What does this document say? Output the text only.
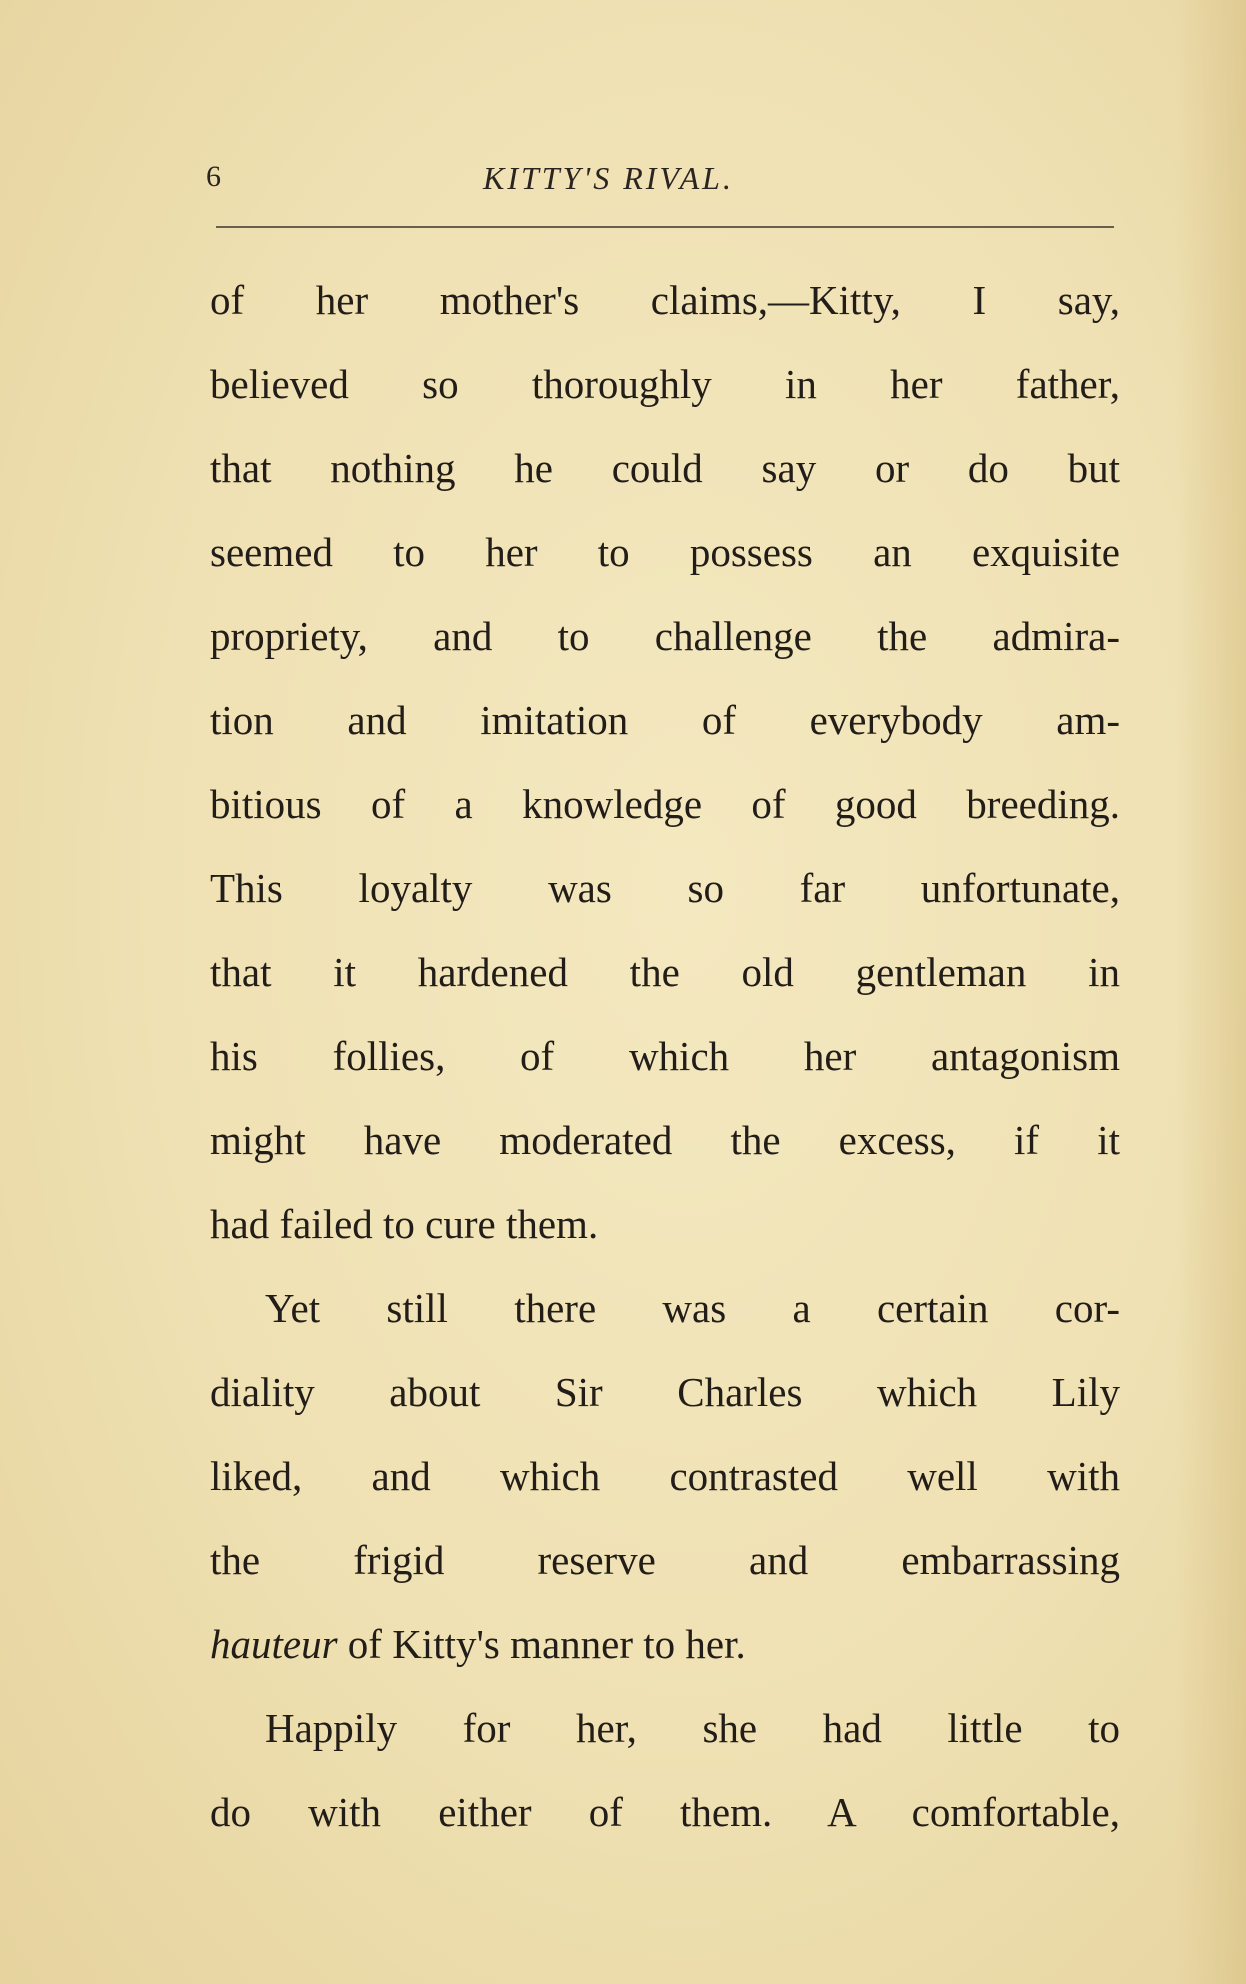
6	KITTY'S RIVAL.
of her mother's claims,—Kitty, I say,
believed so thoroughly in her father,
that nothing he could say or do but
seemed to her to possess an exquisite
propriety, and to challenge the admira-
tion and imitation of everybody am-
bitious of a knowledge of good breeding.
This loyalty was so far unfortunate,
that it hardened the old gentleman in
his follies, of which her antagonism
might have moderated the excess, if it
had failed to cure them.
Yet still there was a certain cor-
diality about Sir Charles which Lily
liked, and which contrasted well with
the frigid reserve and embarrassing
hauteur of Kitty's manner to her.
Happily for her, she had little to
do with either of them. A comfortable,
